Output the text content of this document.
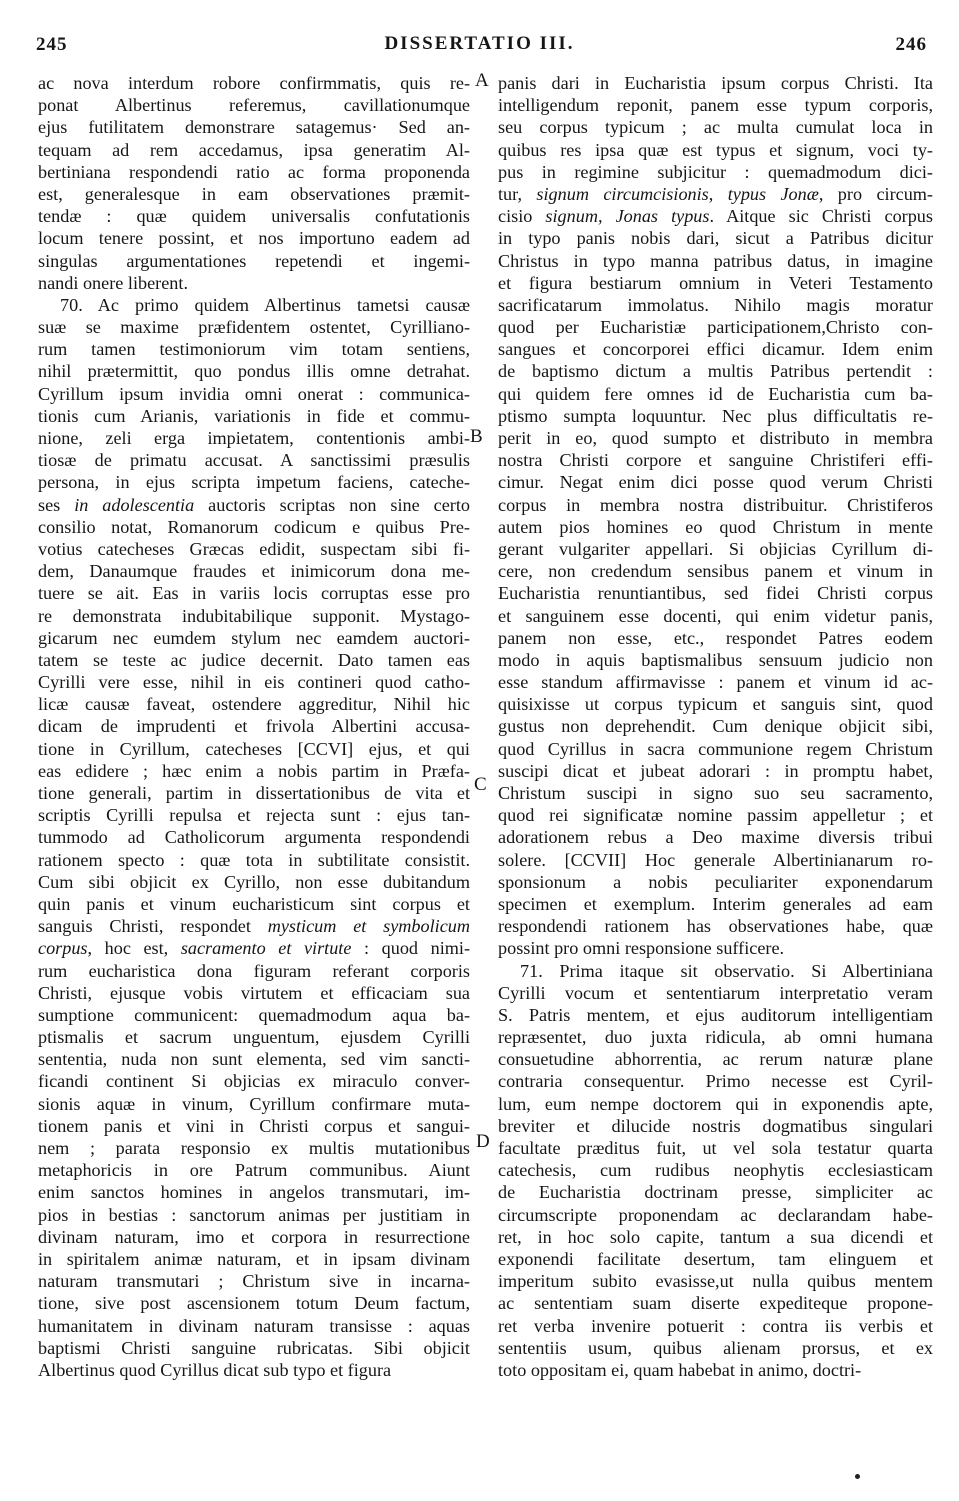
245	DISSERTATIO III.	246
ac nova interdum robore confirmmatis, quis re-
ponat Albertinus referemus, cavillationumque
ejus futilitatem demonstrare satagemus· Sed an-
tequam ad rem accedamus, ipsa generatim Al-
bertiniana respondendi ratio ac forma proponenda
est, generalesque in eam observationes præmit-
tendæ : quæ quidem universalis confutationis
locum tenere possint, et nos importuno eadem ad
singulas argumentationes repetendi et ingemi-
nandi onere liberent.
70. Ac primo quidem Albertinus tametsi causæ
suæ se maxime præfidentem ostentet, Cyrilliano-
rum tamen testimoniorum vim totam sentiens,
nihil prætermittit, quo pondus illis omne detrahat.
Cyrillum ipsum invidia omni onerat : communica-
tionis cum Arianis, variationis in fide et commu-
nione, zeli erga impietatem, contentionis ambi-
tiosæ de primatu accusat. A sanctissimi præsulis
persona, in ejus scripta impetum faciens, cateche-
ses in adolescentia auctoris scriptas non sine certo
consilio notat, Romanorum codicum e quibus Pre-
votius catecheses Græcas edidit, suspectam sibi fi-
dem, Danaumque fraudes et inimicorum dona me-
tuere se ait. Eas in variis locis corruptas esse pro
re demonstrata indubitabilique supponit. Mystago-
gicarum nec eumdem stylum nec eamdem auctori-
tatem se teste ac judice decernit. Dato tamen eas
Cyrilli vere esse, nihil in eis contineri quod catho-
licæ causæ faveat, ostendere aggreditur, Nihil hic
dicam de imprudenti et frivola Albertini accusa-
tione in Cyrillum, catecheses [CCVI] ejus, et qui
eas edidere ; hæc enim a nobis partim in Præfa-
tione generali, partim in dissertationibus de vita et
scriptis Cyrilli repulsa et rejecta sunt : ejus tan-
tummodo ad Catholicorum argumenta respondendi
rationem specto : quæ tota in subtilitate consistit.
Cum sibi objicit ex Cyrillo, non esse dubitandum
quin panis et vinum eucharisticum sint corpus et
sanguis Christi, respondet mysticum et symbolicum
corpus, hoc est, sacramento et virtute : quod nimi-
rum eucharistica dona figuram referant corporis
Christi, ejusque vobis virtutem et efficaciam sua
sumptione communicent: quemadmodum aqua ba-
ptismalis et sacrum unguentum, ejusdem Cyrilli
sententia, nuda non sunt elementa, sed vim sancti-
ficandi continent Si objicias ex miraculo conver-
sionis aquæ in vinum, Cyrillum confirmare muta-
tionem panis et vini in Christi corpus et sangui-
nem ; parata responsio ex multis mutationibus
metaphoricis in ore Patrum communibus. Aiunt
enim sanctos homines in angelos transmutari, im-
pios in bestias : sanctorum animas per justitiam in
divinam naturam, imo et corpora in resurrectione
in spiritalem animæ naturam, et in ipsam divinam
naturam transmutari ; Christum sive in incarna-
tione, sive post ascensionem totum Deum factum,
humanitatem in divinam naturam transisse : aquas
baptismi Christi sanguine rubricatas. Sibi objicit
Albertinus quod Cyrillus dicat sub typo et figura
panis dari in Eucharistia ipsum corpus Christi. Ita
intelligendum reponit, panem esse typum corporis,
seu corpus typicum ; ac multa cumulat loca in
quibus res ipsa quæ est typus et signum, voci ty-
pus in regimine subjicitur : quemadmodum dici-
tur, signum circumcisionis, typus Jonæ, pro circum-
cisio signum, Jonas typus. Aitque sic Christi corpus
in typo panis nobis dari, sicut a Patribus dicitur
Christus in typo manna patribus datus, in imagine
et figura bestiarum omnium in Veteri Testamento
sacrificatarum immolatus. Nihilo magis moratur
quod per Eucharistiæ participationem,Christo con-
sangues et concorporei effici dicamur. Idem enim
de baptismo dictum a multis Patribus pertendit :
qui quidem fere omnes id de Eucharistia cum ba-
ptismo sumpta loquuntur. Nec plus difficultatis re-
perit in eo, quod sumpto et distributo in membra
nostra Christi corpore et sanguine Christiferi effi-
cimur. Negat enim dici posse quod verum Christi
corpus in membra nostra distribuitur. Christiferos
autem pios homines eo quod Christum in mente
gerant vulgariter appellari. Si objicias Cyrillum di-
cere, non credendum sensibus panem et vinum in
Eucharistia renuntiantibus, sed fidei Christi corpus
et sanguinem esse docenti, qui enim videtur panis,
panem non esse, etc., respondet Patres eodem
modo in aquis baptismalibus sensuum judicio non
esse standum affirmavisse : panem et vinum id ac-
quisixisse ut corpus typicum et sanguis sint, quod
gustus non deprehendit. Cum denique objicit sibi,
quod Cyrillus in sacra communione regem Christum
suscipi dicat et jubeat adorari : in promptu habet,
Christum suscipi in signo suo seu sacramento,
quod rei significatæ nomine passim appelletur ; et
adorationem rebus a Deo maxime diversis tribui
solere. [CCVII] Hoc generale Albertinianarum ro-
sponsionum a nobis peculiariter exponendarum
specimen et exemplum. Interim generales ad eam
respondendi rationem has observationes habe, quæ
possint pro omni responsione sufficere.
71. Prima itaque sit observatio. Si Albertiniana
Cyrilli vocum et sententiarum interpretatio veram
S. Patris mentem, et ejus auditorum intelligentiam
repræsentet, duo juxta ridicula, ab omni humana
consuetudine abhorrentia, ac rerum naturæ plane
contraria consequentur. Primo necesse est Cyril-
lum, eum nempe doctorem qui in exponendis apte,
breviter et dilucide nostris dogmatibus singulari
facultate præditus fuit, ut vel sola testatur quarta
catechesis, cum rudibus neophytis ecclesiasticam
de Eucharistia doctrinam presse, simpliciter ac
circumscripte proponendam ac declarandam habe-
ret, in hoc solo capite, tantum a sua dicendi et
exponendi facilitate desertum, tam elinguem et
imperitum subito evasisse,ut nulla quibus mentem
ac sententiam suam diserte expediteque propone-
ret verba invenire potuerit : contra iis verbis et
sententiis usum, quibus alienam prorsus, et ex
toto oppositam ei, quam habebat in animo, doctri-
A
B
C
D
